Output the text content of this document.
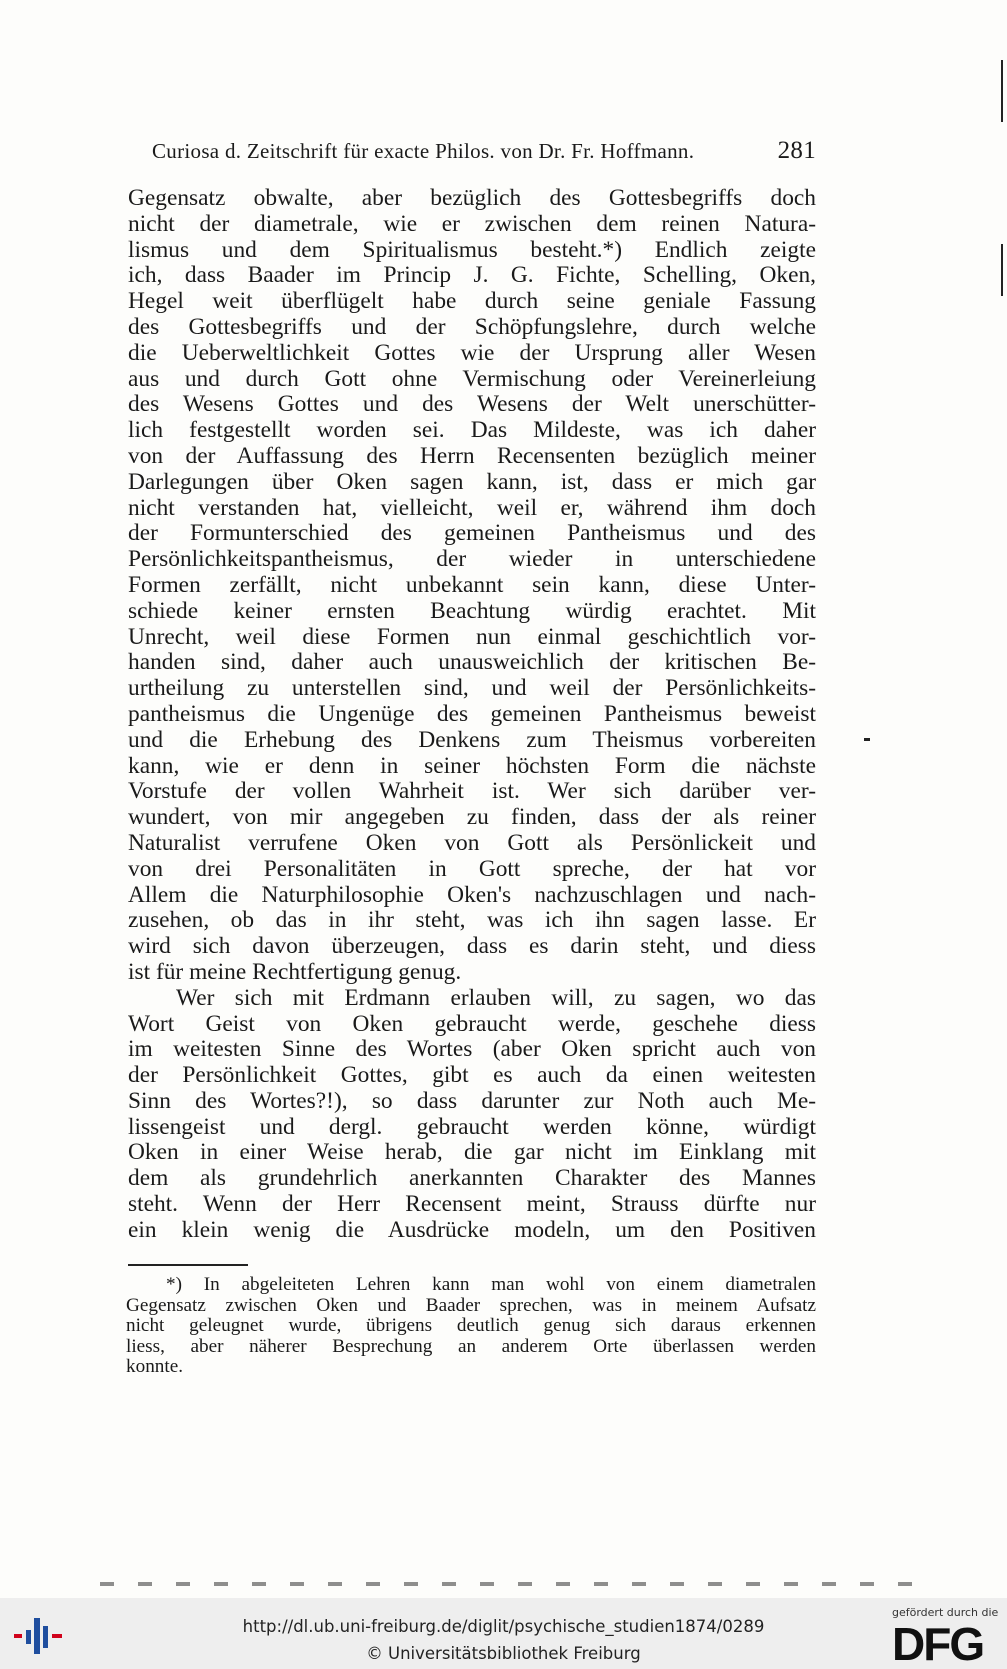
Curiosa d. Zeitschrift für exacte Philos. von Dr. Fr. Hoffmann.	281
Gegensatz obwalte, aber bezüglich des Gottesbegriffs doch
nicht der diametrale, wie er zwischen dem reinen Natura-
lismus und dem Spiritualismus besteht.*) Endlich zeigte
ich, dass Baader im Princip J. G. Fichte, Schelling, Oken,
Hegel weit überflügelt habe durch seine geniale Fassung
des Gottesbegriffs und der Schöpfungslehre, durch welche
die Ueberweltlichkeit Gottes wie der Ursprung aller Wesen
aus und durch Gott ohne Vermischung oder Vereinerleiung
des Wesens Gottes und des Wesens der Welt unerschütter-
lich festgestellt worden sei. Das Mildeste, was ich daher
von der Auffassung des Herrn Recensenten bezüglich meiner
Darlegungen über Oken sagen kann, ist, dass er mich gar
nicht verstanden hat, vielleicht, weil er, während ihm doch
der Formunterschied des gemeinen Pantheismus und des
Persönlichkeitspantheismus, der wieder in unterschiedene
Formen zerfällt, nicht unbekannt sein kann, diese Unter-
schiede keiner ernsten Beachtung würdig erachtet. Mit
Unrecht, weil diese Formen nun einmal geschichtlich vor-
handen sind, daher auch unausweichlich der kritischen Be-
urtheilung zu unterstellen sind, und weil der Persönlichkeits-
pantheismus die Ungenüge des gemeinen Pantheismus beweist
und die Erhebung des Denkens zum Theismus vorbereiten
kann, wie er denn in seiner höchsten Form die nächste
Vorstufe der vollen Wahrheit ist. Wer sich darüber ver-
wundert, von mir angegeben zu finden, dass der als reiner
Naturalist verrufene Oken von Gott als Persönlickeit und
von drei Personalitäten in Gott spreche, der hat vor
Allem die Naturphilosophie Oken's nachzuschlagen und nach-
zusehen, ob das in ihr steht, was ich ihn sagen lasse. Er
wird sich davon überzeugen, dass es darin steht, und diess
ist für meine Rechtfertigung genug.
Wer sich mit Erdmann erlauben will, zu sagen, wo das
Wort Geist von Oken gebraucht werde, geschehe diess
im weitesten Sinne des Wortes (aber Oken spricht auch von
der Persönlichkeit Gottes, gibt es auch da einen weitesten
Sinn des Wortes?!), so dass darunter zur Noth auch Me-
lissengeist und dergl. gebraucht werden könne, würdigt
Oken in einer Weise herab, die gar nicht im Einklang mit
dem als grundehrlich anerkannten Charakter des Mannes
steht. Wenn der Herr Recensent meint, Strauss dürfte nur
ein klein wenig die Ausdrücke modeln, um den Positiven
*) In abgeleiteten Lehren kann man wohl von einem diametralen
Gegensatz zwischen Oken und Baader sprechen, was in meinem Aufsatz
nicht geleugnet wurde, übrigens deutlich genug sich daraus erkennen
liess, aber näherer Besprechung an anderem Orte überlassen werden
konnte.
http://dl.ub.uni-freiburg.de/diglit/psychische_studien1874/0289
© Universitätsbibliothek Freiburg
gefördert durch die
DFG
